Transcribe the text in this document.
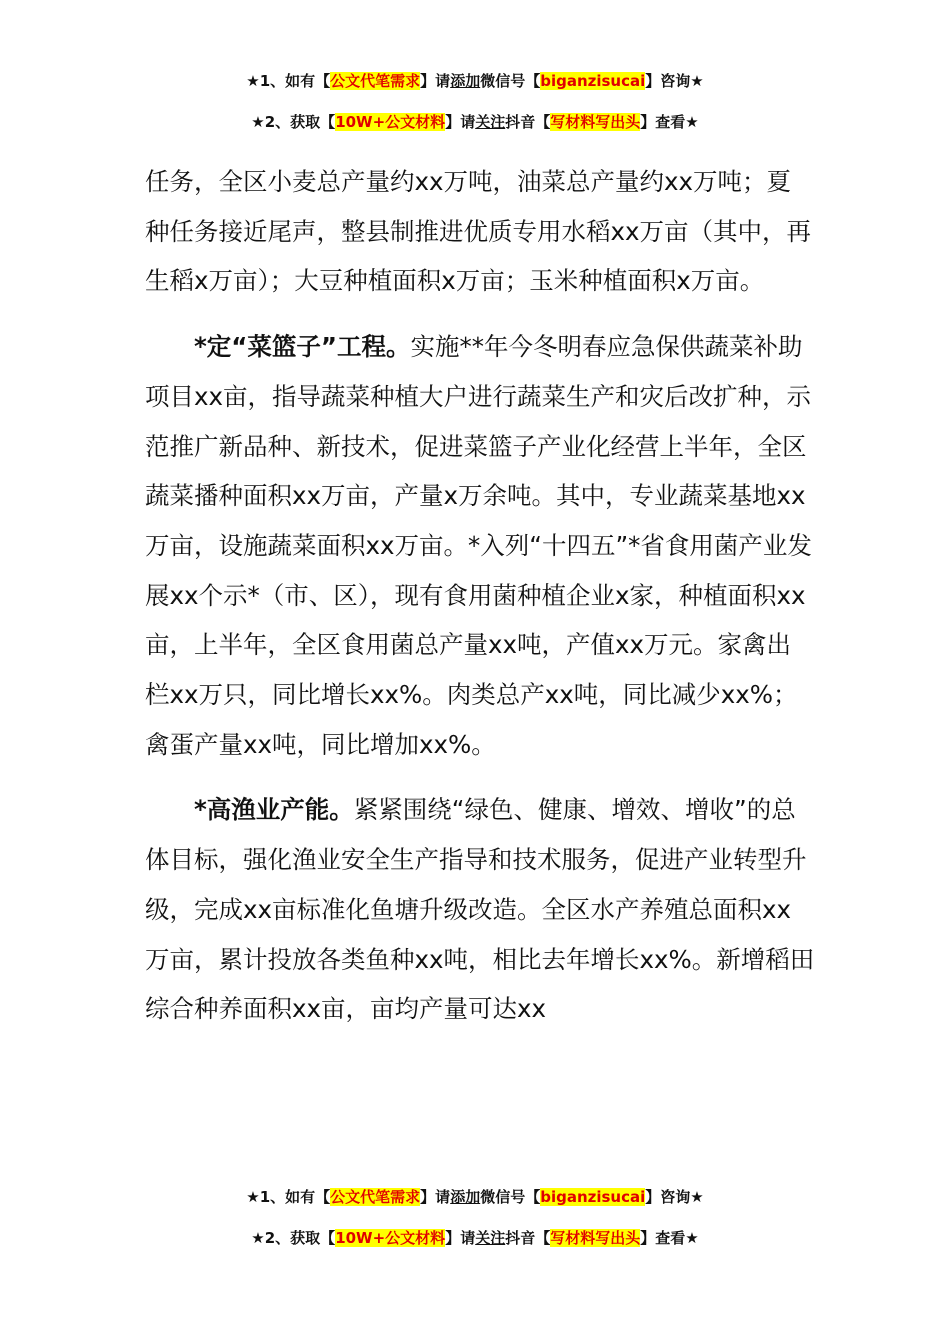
★1、如有【公文代笔需求】请添加微信号【biganzisucai】咨询★
★2、获取【10W+公文材料】请关注抖音【写材料写出头】查看★

任务，全区小麦总产量约xx万吨，油菜总产量约xx万吨；夏种任务接近尾声，整县制推进优质专用水稻xx万亩（其中，再生稻x万亩）；大豆种植面积x万亩；玉米种植面积x万亩。

*定“菜篮子”工程。实施**年今冬明春应急保供蔬菜补助项目xx亩，指导蔬菜种植大户进行蔬菜生产和灾后改扩种，示范推广新品种、新技术，促进菜篮子产业化经营上半年，全区蔬菜播种面积xx万亩，产量x万余吨。其中，专业蔬菜基地xx万亩，设施蔬菜面积xx万亩。*入列“十四五”*省食用菌产业发展xx个示*（市、区），现有食用菌种植企业x家，种植面积xx亩，上半年，全区食用菌总产量xx吨，产值xx万元。家禽出栏xx万只，同比增长xx%。肉类总产xx吨，同比减少xx%；禽蛋产量xx吨，同比增加xx%。

*高渔业产能。紧紧围绕“绿色、健康、增效、增收”的总体目标，强化渔业安全生产指导和技术服务，促进产业转型升级，完成xx亩标准化鱼塘升级改造。全区水产养殖总面积xx万亩，累计投放各类鱼种xx吨，相比去年增长xx%。新增稻田综合种养面积xx亩，亩均产量可达xx

★1、如有【公文代笔需求】请添加微信号【biganzisucai】咨询★
★2、获取【10W+公文材料】请关注抖音【写材料写出头】查看★
